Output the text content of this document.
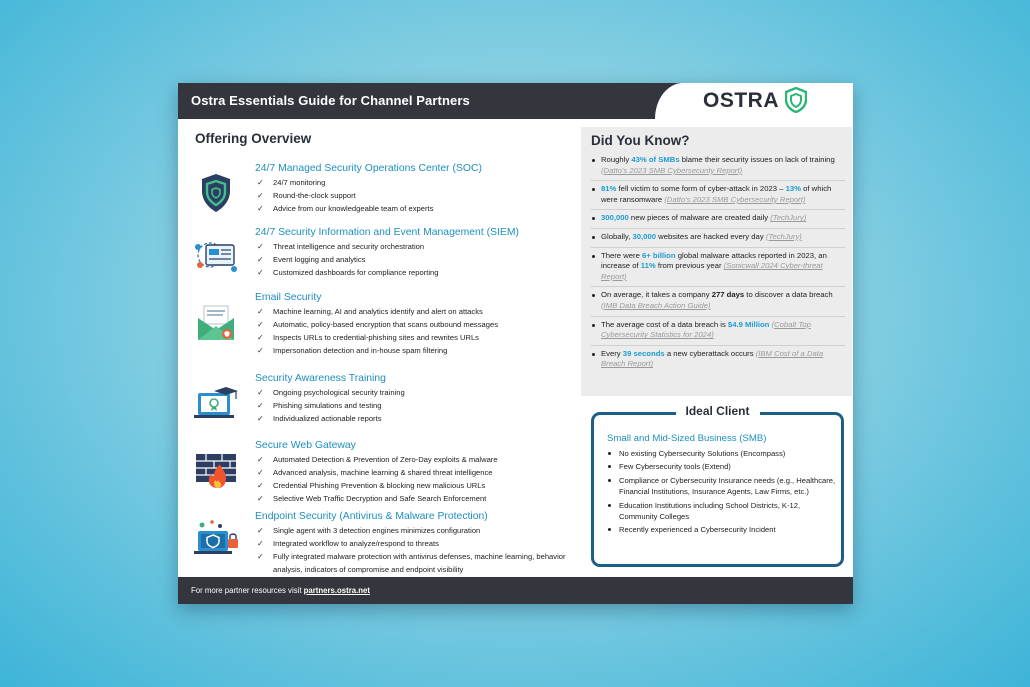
Ostra Essentials Guide for Channel Partners	OSTRA
Offering Overview
24/7 Managed Security Operations Center (SOC)
✓ 24/7 monitoring
✓ Round-the-clock support
✓ Advice from our knowledgeable team of experts
24/7 Security Information and Event Management (SIEM)
✓ Threat intelligence and security orchestration
✓ Event logging and analytics
✓ Customized dashboards for compliance reporting
Email Security
✓ Machine learning, AI and analytics identify and alert on attacks
✓ Automatic, policy-based encryption that scans outbound messages
✓ Inspects URLs to credential-phishing sites and rewrites URLs
✓ Impersonation detection and in-house spam filtering
Security Awareness Training
✓ Ongoing psychological security training
✓ Phishing simulations and testing
✓ Individualized actionable reports
Secure Web Gateway
✓ Automated Detection & Prevention of Zero-Day exploits & malware
✓ Advanced analysis, machine learning & shared threat intelligence
✓ Credential Phishing Prevention & blocking new malicious URLs
✓ Selective Web Traffic Decryption and Safe Search Enforcement
Endpoint Security (Antivirus & Malware Protection)
✓ Single agent with 3 detection engines minimizes configuration
✓ Integrated workflow to analyze/respond to threats
✓ Fully integrated malware protection with antivirus defenses, machine learning, behavior analysis, indicators of compromise and endpoint visibility
Did You Know?
Roughly 43% of SMBs blame their security issues on lack of training (Datto's 2023 SMB Cybersecurity Report)
81% fell victim to some form of cyber-attack in 2023 – 13% of which were ransomware (Datto's 2023 SMB Cybersecurity Report)
300,000 new pieces of malware are created daily (TechJury)
Globally, 30,000 websites are hacked every day (TechJury)
There were 6+ billion global malware attacks reported in 2023, an increase of 11% from previous year (Sonicwall 2024 Cyber-threat Report)
On average, it takes a company 277 days to discover a data breach (IMB Data Breach Action Guide)
The average cost of a data breach is $4.9 Million (Cobalt Top Cybersecurity Statistics for 2024)
Every 39 seconds a new cyberattack occurs (IBM Cost of a Data Breach Report)
Ideal Client
Small and Mid-Sized Business (SMB)
No existing Cybersecurity Solutions (Encompass)
Few Cybersecurity tools (Extend)
Compliance or Cybersecurity Insurance needs (e.g., Healthcare, Financial Institutions, Insurance Agents, Law Firms, etc.)
Education Institutions including School Districts, K-12, Community Colleges
Recently experienced a Cybersecurity Incident
For more partner resources visit partners.ostra.net
